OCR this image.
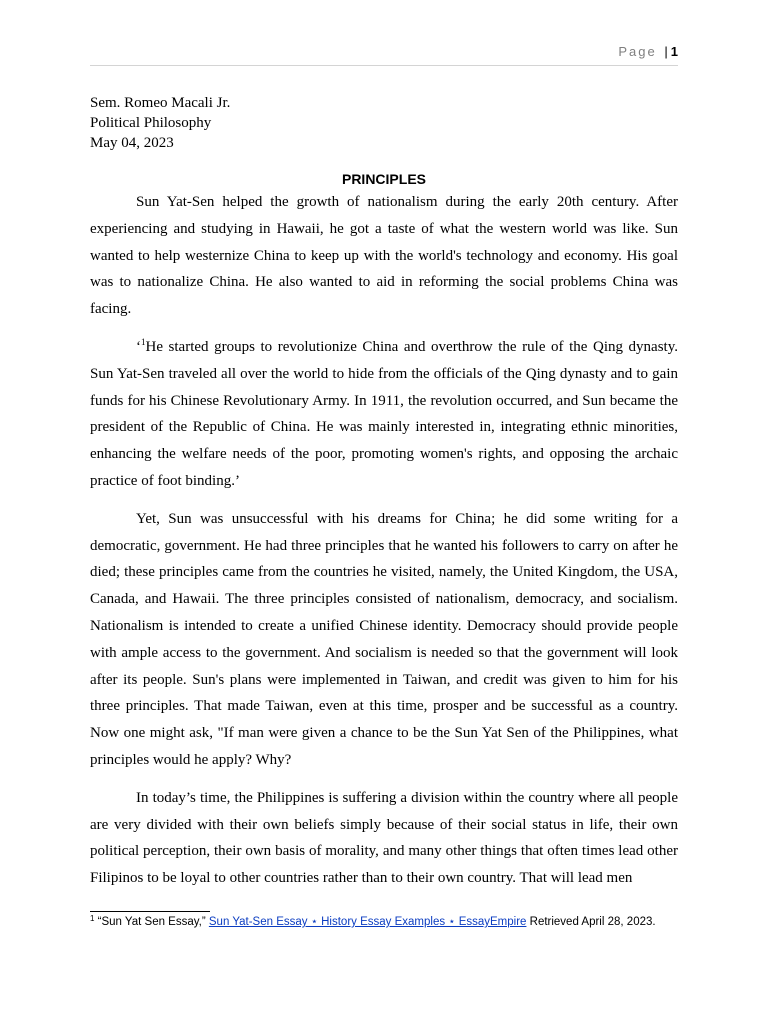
Page | 1
Sem. Romeo Macali Jr.
Political Philosophy
May 04, 2023
PRINCIPLES

Sun Yat-Sen helped the growth of nationalism during the early 20th century. After experiencing and studying in Hawaii, he got a taste of what the western world was like. Sun wanted to help westernize China to keep up with the world's technology and economy. His goal was to nationalize China. He also wanted to aid in reforming the social problems China was facing.

‘$^1$He started groups to revolutionize China and overthrow the rule of the Qing dynasty. Sun Yat-Sen traveled all over the world to hide from the officials of the Qing dynasty and to gain funds for his Chinese Revolutionary Army. In 1911, the revolution occurred, and Sun became the president of the Republic of China. He was mainly interested in, integrating ethnic minorities, enhancing the welfare needs of the poor, promoting women's rights, and opposing the archaic practice of foot binding.’

Yet, Sun was unsuccessful with his dreams for China; he did some writing for a democratic, government. He had three principles that he wanted his followers to carry on after he died; these principles came from the countries he visited, namely, the United Kingdom, the USA, Canada, and Hawaii. The three principles consisted of nationalism, democracy, and socialism. Nationalism is intended to create a unified Chinese identity. Democracy should provide people with ample access to the government. And socialism is needed so that the government will look after its people. Sun's plans were implemented in Taiwan, and credit was given to him for his three principles. That made Taiwan, even at this time, prosper and be successful as a country. Now one might ask, "If man were given a chance to be the Sun Yat Sen of the Philippines, what principles would he apply? Why?

In today’s time, the Philippines is suffering a division within the country where all people are very divided with their own beliefs simply because of their social status in life, their own political perception, their own basis of morality, and many other things that often times lead other Filipinos to be loyal to other countries rather than to their own country. That will lead men

$^1$ “Sun Yat Sen Essay,” Sun Yat-Sen Essay ⋆ History Essay Examples ⋆ EssayEmpire Retrieved April 28, 2023.
